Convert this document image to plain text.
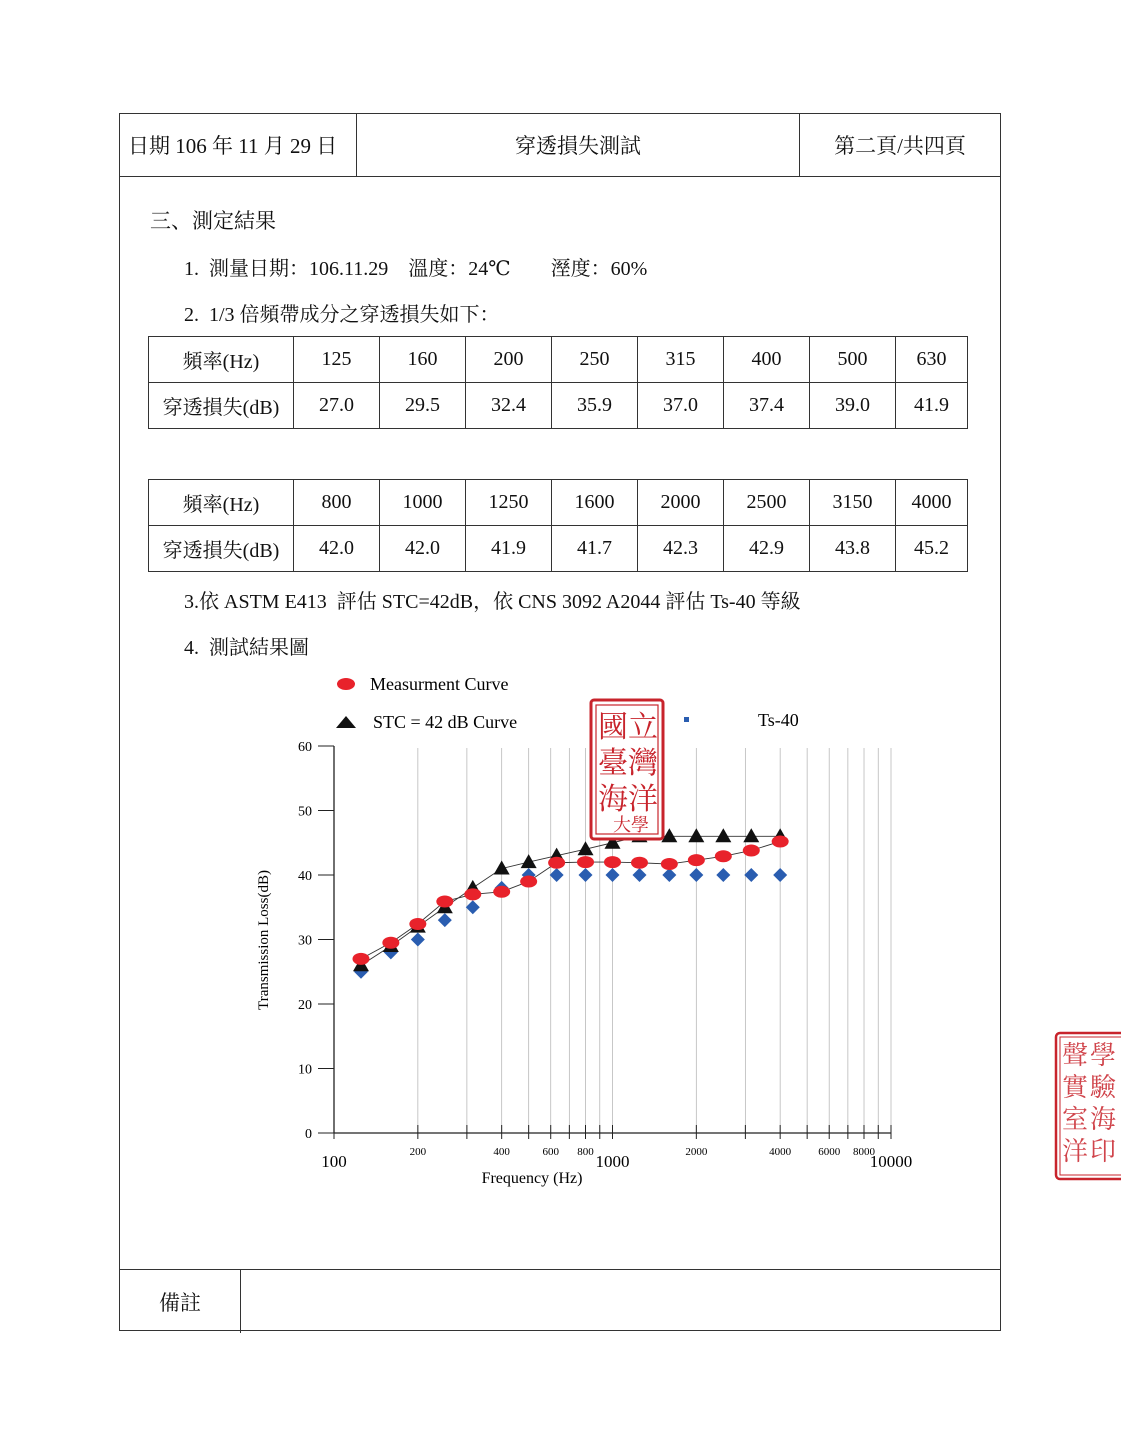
日期 106 年 11 月 29 日	穿透損失測試	第二頁/共四頁
備註
三、測定結果
1.  測量日期：106.11.29    溫度：24℃        溼度：60%
2.  1/3 倍頻帶成分之穿透損失如下：
頻率(Hz)	125	160	200	250	315	400	500	630
穿透損失(dB)	27.0	29.5	32.4	35.9	37.0	37.4	39.0	41.9
頻率(Hz)	800	1000	1250	1600	2000	2500	3150	4000
穿透損失(dB)	42.0	42.0	41.9	41.7	42.3	42.9	43.8	45.2
3.依 ASTM E413  評估 STC=42dB，依 CNS 3092 A2044 評估 Ts-40 等級
4.  測試結果圖
Measurment Curve
STC = 42 dB Curve	Ts-40
0
10
20
30
40
50
60
100	1000	10000
200	400	600 800	2000	4000 6000 8000
Frequency (Hz)
Transmission Loss(dB)
國 立
臺 灣
海 洋
大學
聲 學
實 驗
室 海
洋 印
